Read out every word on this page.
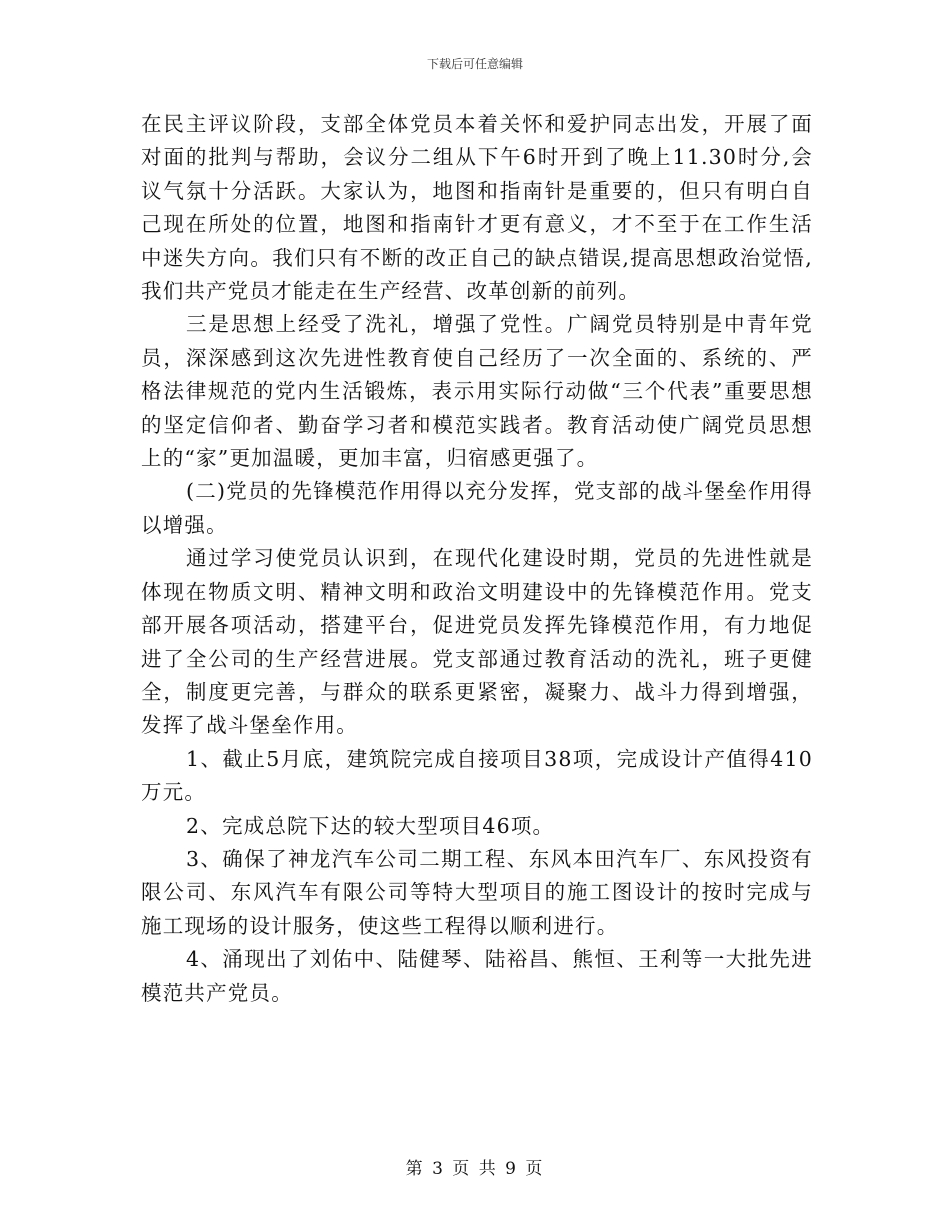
下载后可任意编辑

在民主评议阶段，支部全体党员本着关怀和爱护同志出发，开展了面对面的批判与帮助，会议分二组从下午6时开到了晚上11.30时分,会议气氛十分活跃。大家认为，地图和指南针是重要的，但只有明白自己现在所处的位置，地图和指南针才更有意义，才不至于在工作生活中迷失方向。我们只有不断的改正自己的缺点错误,提高思想政治觉悟,我们共产党员才能走在生产经营、改革创新的前列。

三是思想上经受了洗礼，增强了党性。广阔党员特别是中青年党员，深深感到这次先进性教育使自己经历了一次全面的、系统的、严格法律规范的党内生活锻炼，表示用实际行动做“三个代表”重要思想的坚定信仰者、勤奋学习者和模范实践者。教育活动使广阔党员思想上的“家”更加温暖，更加丰富，归宿感更强了。

(二)党员的先锋模范作用得以充分发挥，党支部的战斗堡垒作用得以增强。

通过学习使党员认识到，在现代化建设时期，党员的先进性就是体现在物质文明、精神文明和政治文明建设中的先锋模范作用。党支部开展各项活动，搭建平台，促进党员发挥先锋模范作用，有力地促进了全公司的生产经营进展。党支部通过教育活动的洗礼，班子更健全，制度更完善，与群众的联系更紧密，凝聚力、战斗力得到增强，发挥了战斗堡垒作用。

1、截止5月底，建筑院完成自接项目38项，完成设计产值得410万元。

2、完成总院下达的较大型项目46项。

3、确保了神龙汽车公司二期工程、东风本田汽车厂、东风投资有限公司、东风汽车有限公司等特大型项目的施工图设计的按时完成与施工现场的设计服务，使这些工程得以顺利进行。

4、涌现出了刘佑中、陆健琴、陆裕昌、熊恒、王利等一大批先进模范共产党员。

第 3 页 共 9 页
